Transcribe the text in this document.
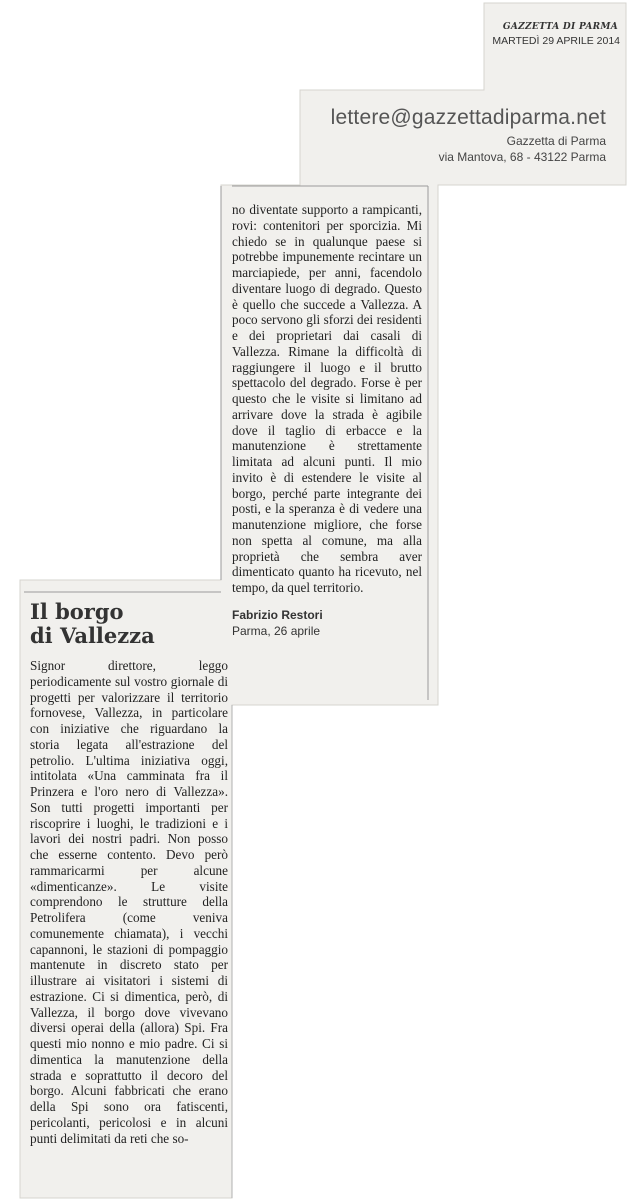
GAZZETTA DI PARMA
MARTEDÌ 29 APRILE 2014
lettere@gazzettadiparma.net
Gazzetta di Parma
via Mantova, 68 - 43122 Parma

no diventate supporto a rampicanti, rovi: contenitori per sporcizia. Mi chiedo se in qualunque paese si potrebbe impunemente recintare un marciapiede, per anni, facendolo diventare luogo di degrado. Questo è quello che succede a Vallezza. A poco servono gli sforzi dei residenti e dei proprietari dai casali di Vallezza. Rimane la difficoltà di raggiungere il luogo e il brutto spettacolo del degrado. Forse è per questo che le visite si limitano ad arrivare dove la strada è agibile dove il taglio di erbacce e la manutenzione è strettamente limitata ad alcuni punti. Il mio invito è di estendere le visite al borgo, perché parte integrante dei posti, e la speranza è di vedere una manutenzione migliore, che forse non spetta al comune, ma alla proprietà che sembra aver dimenticato quanto ha ricevuto, nel tempo, da quel territorio.

Fabrizio Restori
Parma, 26 aprile
Il borgo
di Vallezza

Signor direttore, leggo periodicamente sul vostro giornale di progetti per valorizzare il territorio fornovese, Vallezza, in particolare con iniziative che riguardano la storia legata all'estrazione del petrolio. L'ultima iniziativa oggi, intitolata «Una camminata fra il Prinzera e l'oro nero di Vallezza». Son tutti progetti importanti per riscoprire i luoghi, le tradizioni e i lavori dei nostri padri. Non posso che esserne contento. Devo però rammaricarmi per alcune «dimenticanze». Le visite comprendono le strutture della Petrolifera (come veniva comunemente chiamata), i vecchi capannoni, le stazioni di pompaggio mantenute in discreto stato per illustrare ai visitatori i sistemi di estrazione. Ci si dimentica, però, di Vallezza, il borgo dove vivevano diversi operai della (allora) Spi. Fra questi mio nonno e mio padre. Ci si dimentica la manutenzione della strada e soprattutto il decoro del borgo. Alcuni fabbricati che erano della Spi sono ora fatiscenti, pericolanti, pericolosi e in alcuni punti delimitati da reti che so-
